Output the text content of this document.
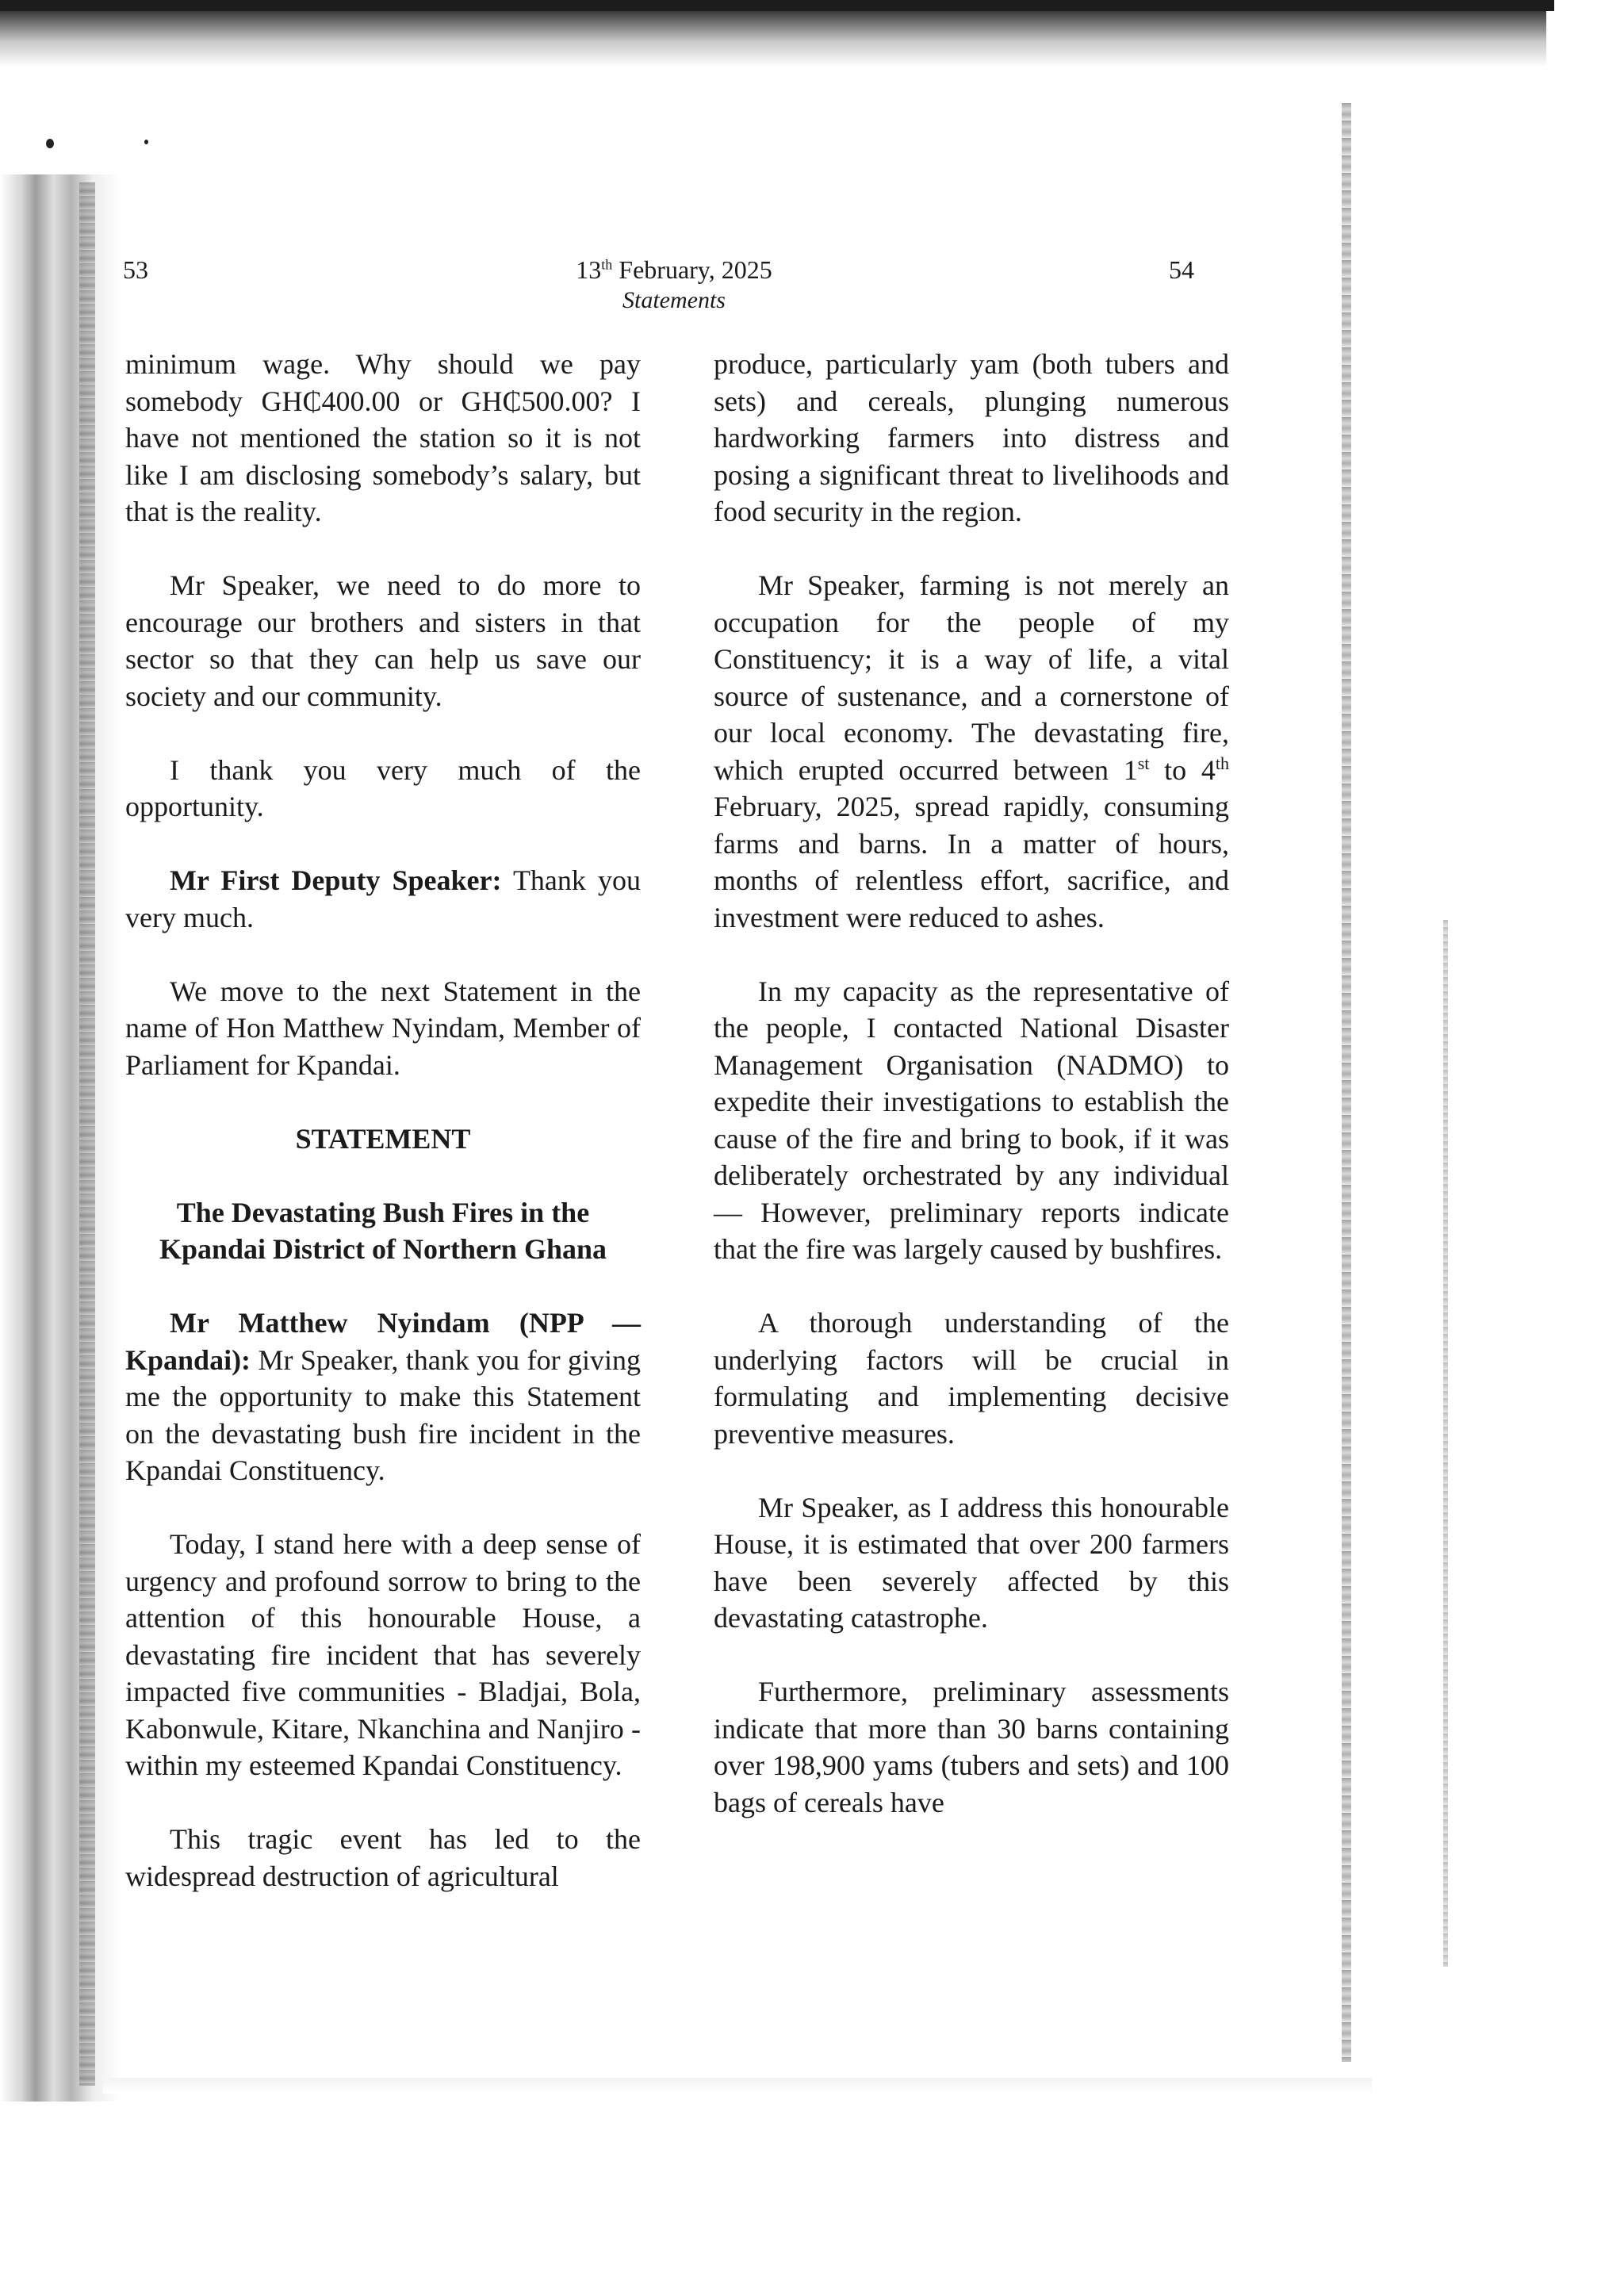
53	13th February, 2025
Statements
54

minimum wage. Why should we pay somebody GH₵400.00 or GH₵500.00? I have not mentioned the station so it is not like I am disclosing somebody’s salary, but that is the reality.

Mr Speaker, we need to do more to encourage our brothers and sisters in that sector so that they can help us save our society and our community.

I thank you very much of the opportunity.

Mr First Deputy Speaker: Thank you very much.

We move to the next Statement in the name of Hon Matthew Nyindam, Member of Parliament for Kpandai.

STATEMENT

The Devastating Bush Fires in the Kpandai District of Northern Ghana

Mr Matthew Nyindam (NPP — Kpandai): Mr Speaker, thank you for giving me the opportunity to make this Statement on the devastating bush fire incident in the Kpandai Constituency.

Today, I stand here with a deep sense of urgency and profound sorrow to bring to the attention of this honourable House, a devastating fire incident that has severely impacted five communities - Bladjai, Bola, Kabonwule, Kitare, Nkanchina and Nanjiro - within my esteemed Kpandai Constituency.

This tragic event has led to the widespread destruction of agricultural

produce, particularly yam (both tubers and sets) and cereals, plunging numerous hardworking farmers into distress and posing a significant threat to livelihoods and food security in the region.

Mr Speaker, farming is not merely an occupation for the people of my Constituency; it is a way of life, a vital source of sustenance, and a cornerstone of our local economy. The devastating fire, which erupted occurred between 1st to 4th February, 2025, spread rapidly, consuming farms and barns. In a matter of hours, months of relentless effort, sacrifice, and investment were reduced to ashes.

In my capacity as the representative of the people, I contacted National Disaster Management Organisation (NADMO) to expedite their investigations to establish the cause of the fire and bring to book, if it was deliberately orchestrated by any individual— However, preliminary reports indicate that the fire was largely caused by bushfires.

A thorough understanding of the underlying factors will be crucial in formulating and implementing decisive preventive measures.

Mr Speaker, as I address this honourable House, it is estimated that over 200 farmers have been severely affected by this devastating catastrophe.

Furthermore, preliminary assessments indicate that more than 30 barns containing over 198,900 yams (tubers and sets) and 100 bags of cereals have
